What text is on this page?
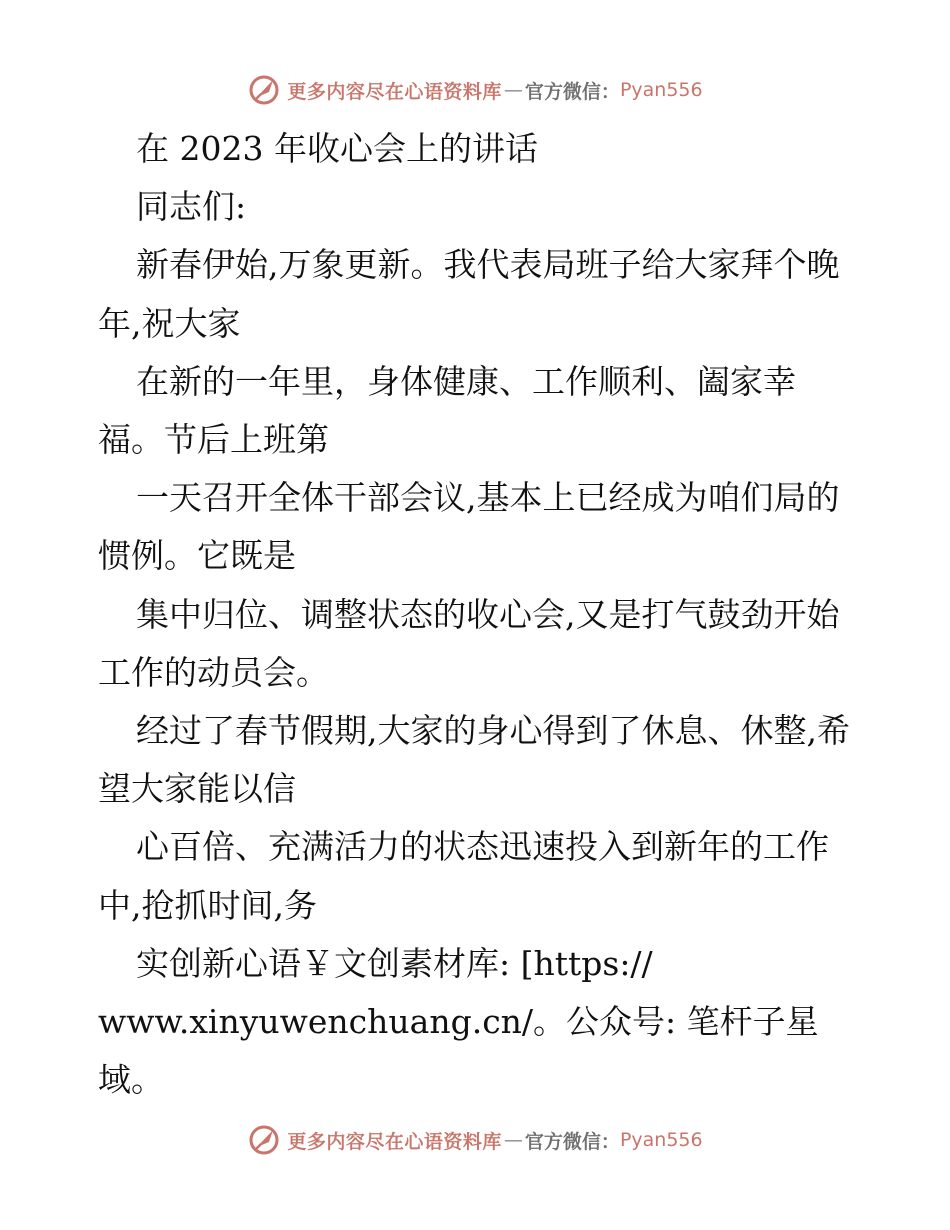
更多内容尽在心语资料库 — 官方微信： Pyan556

在 2023 年收心会上的讲话

同志们:

新春伊始,万象更新。我代表局班子给大家拜个晚年,祝大家

在新的一年里，身体健康、工作顺利、阖家幸福。节后上班第

一天召开全体干部会议,基本上已经成为咱们局的惯例。它既是

集中归位、调整状态的收心会,又是打气鼓劲开始工作的动员会。

经过了春节假期,大家的身心得到了休息、休整,希望大家能以信

心百倍、充满活力的状态迅速投入到新年的工作中,抢抓时间,务

实创新心语￥文创素材库: [https://

www.xinyuwenchuang.cn/。公众号: 笔杆子星域。

更多内容尽在心语资料库 — 官方微信： Pyan556
